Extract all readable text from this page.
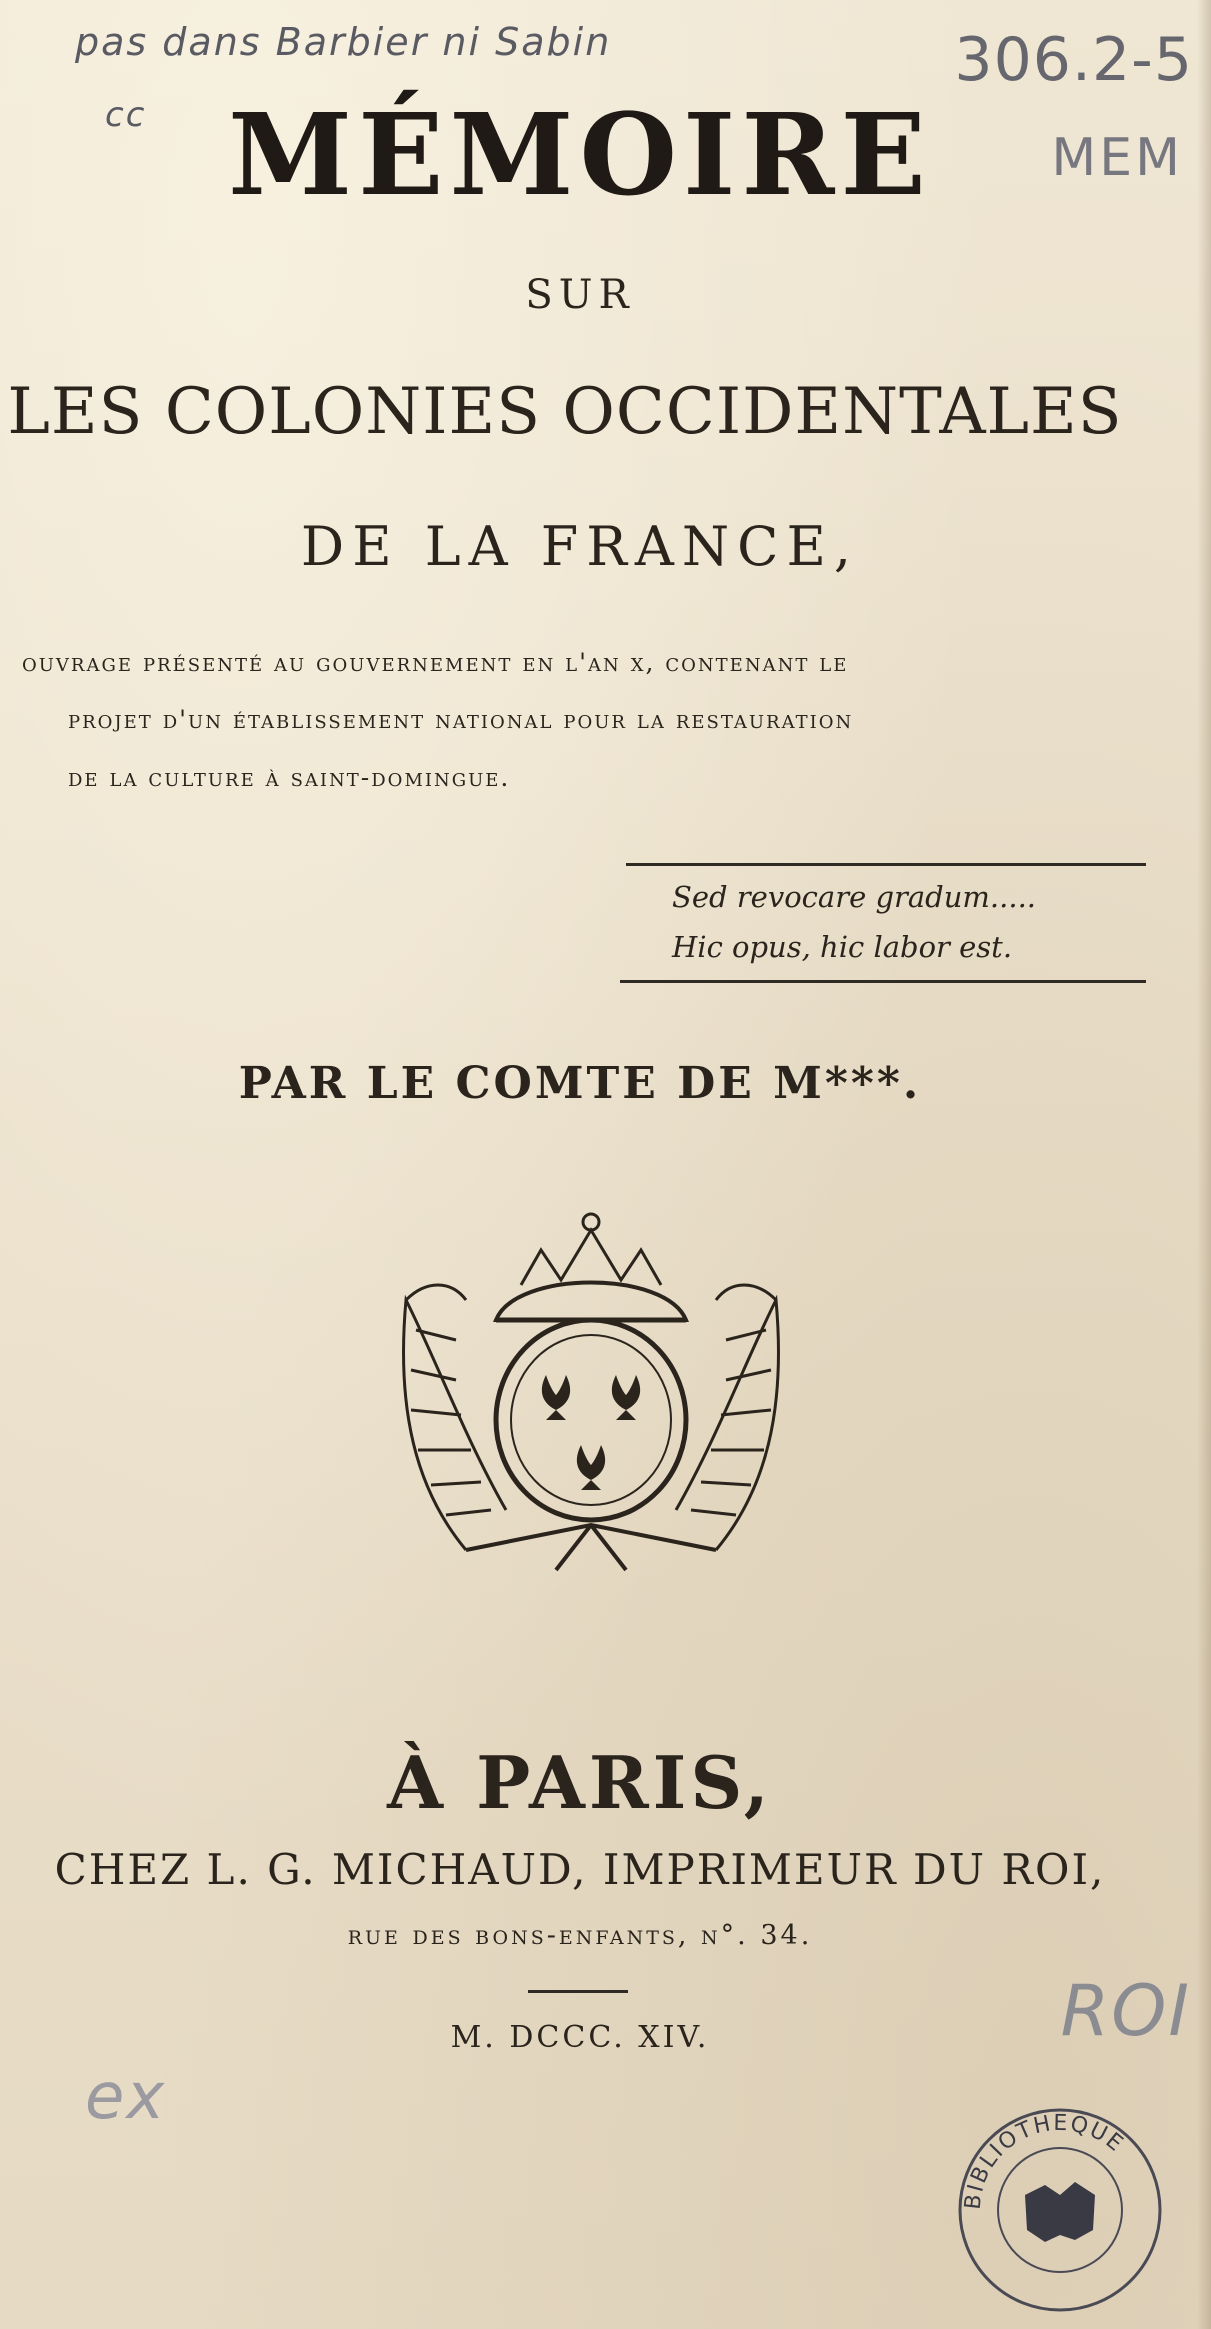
pas dans Barbier ni Sabin
cc
306.2-5
MEM
MÉMOIRE
SUR
LES COLONIES OCCIDENTALES
DE LA FRANCE,
ouvrage présenté au gouvernement en l'an x, contenant le
projet d'un établissement national pour la restauration
de la culture à saint-domingue.
Sed revocare gradum.....
Hic opus, hic labor est.
PAR LE COMTE DE M***.
À PARIS,
CHEZ L. G. MICHAUD, IMPRIMEUR DU ROI,
rue des bons-enfants, n°. 34.
M. DCCC. XIV.	ROI
ex
BIBLIOTHEQUE
